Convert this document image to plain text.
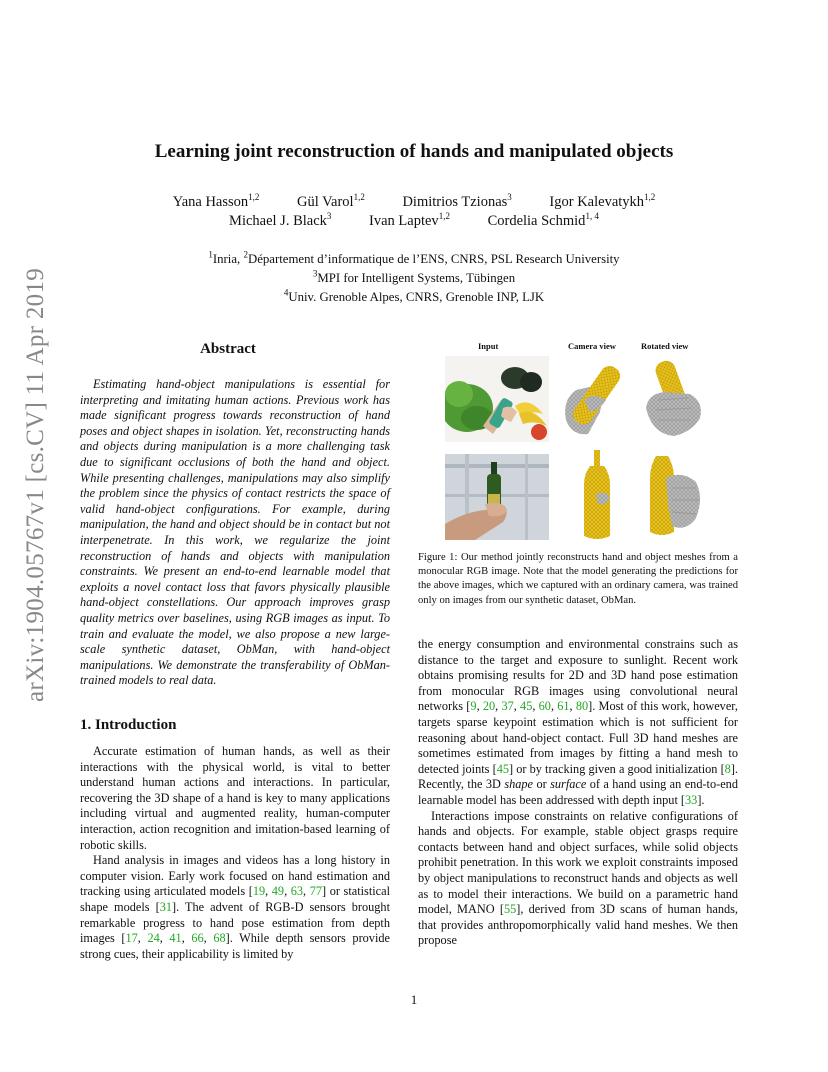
arXiv:1904.05767v1 [cs.CV] 11 Apr 2019
Learning joint reconstruction of hands and manipulated objects
Yana Hasson$^{1,2}$	Gül Varol$^{1,2}$	Dimitrios Tzionas$^3$	Igor Kalevatykh$^{1,2}$
Michael J. Black$^3$	Ivan Laptev$^{1,2}$	Cordelia Schmid$^{1, 4}$
$^1$Inria, $^2$Département d’informatique de l’ENS, CNRS, PSL Research University
$^3$MPI for Intelligent Systems, Tübingen
$^4$Univ. Grenoble Alpes, CNRS, Grenoble INP, LJK
Abstract

Estimating hand-object manipulations is essential for interpreting and imitating human actions. Previous work has made significant progress towards reconstruction of hand poses and object shapes in isolation. Yet, reconstructing hands and objects during manipulation is a more challenging task due to significant occlusions of both the hand and object. While presenting challenges, manipulations may also simplify the problem since the physics of contact restricts the space of valid hand-object configurations. For example, during manipulation, the hand and object should be in contact but not interpenetrate. In this work, we regularize the joint reconstruction of hands and objects with manipulation constraints. We present an end-to-end learnable model that exploits a novel contact loss that favors physically plausible hand-object constellations. Our approach improves grasp quality metrics over baselines, using RGB images as input. To train and evaluate the model, we also propose a new large-scale synthetic dataset, ObMan, with hand-object manipulations. We demonstrate the transferability of ObMan-trained models to real data.

1. Introduction

Accurate estimation of human hands, as well as their interactions with the physical world, is vital to better understand human actions and interactions. In particular, recovering the 3D shape of a hand is key to many applications including virtual and augmented reality, human-computer interaction, action recognition and imitation-based learning of robotic skills.

Hand analysis in images and videos has a long history in computer vision. Early work focused on hand estimation and tracking using articulated models [19, 49, 63, 77] or statistical shape models [31]. The advent of RGB-D sensors brought remarkable progress to hand pose estimation from depth images [17, 24, 41, 66, 68]. While depth sensors provide strong cues, their applicability is limited by

Input	Camera view	Rotated view
Figure 1: Our method jointly reconstructs hand and object meshes from a monocular RGB image. Note that the model generating the predictions for the above images, which we captured with an ordinary camera, was trained only on images from our synthetic dataset, ObMan.

the energy consumption and environmental constrains such as distance to the target and exposure to sunlight. Recent work obtains promising results for 2D and 3D hand pose estimation from monocular RGB images using convolutional neural networks [9, 20, 37, 45, 60, 61, 80]. Most of this work, however, targets sparse keypoint estimation which is not sufficient for reasoning about hand-object contact. Full 3D hand meshes are sometimes estimated from images by fitting a hand mesh to detected joints [45] or by tracking given a good initialization [8]. Recently, the 3D shape or surface of a hand using an end-to-end learnable model has been addressed with depth input [33].

Interactions impose constraints on relative configurations of hands and objects. For example, stable object grasps require contacts between hand and object surfaces, while solid objects prohibit penetration. In this work we exploit constraints imposed by object manipulations to reconstruct hands and objects as well as to model their interactions. We build on a parametric hand model, MANO [55], derived from 3D scans of human hands, that provides anthropomorphically valid hand meshes. We then propose

1
